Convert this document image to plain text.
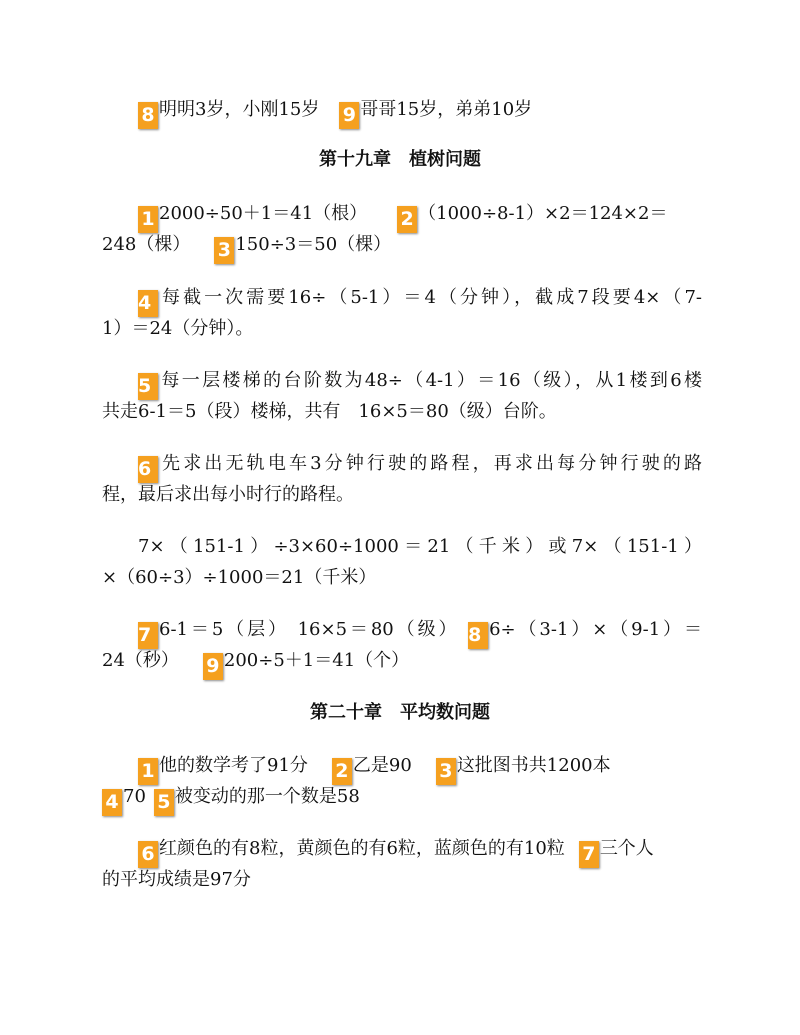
8 明明3岁，小刚15岁 9 哥哥15岁，弟弟10岁
第十九章 植树问题
1 2000÷50＋1＝41（根） 2 （1000÷8-1）×2＝124×2＝
248（棵） 3 150÷3＝50（棵）
4 每截一次需要16÷（5-1）＝4（分钟），截成7段要4×（7-
1）＝24（分钟）。
5 每一层楼梯的台阶数为48÷（4-1）＝16（级），从1楼到6楼
共走6-1＝5（段）楼梯，共有　16×5＝80（级）台阶。
6 先求出无轨电车3分钟行驶的路程，再求出每分钟行驶的路
程，最后求出每小时行的路程。
7×（151-1）÷3×60÷1000＝21（千米）或7×（151-1）
×（60÷3）÷1000＝21（千米）
7 6-1＝5（层） 16×5＝80（级） 8 6÷（3-1）×（9-1）＝
24（秒） 9 200÷5＋1＝41（个）
第二十章 平均数问题
1 他的数学考了91分 2 乙是90 3 这批图书共1200本
4 70 5 被变动的那一个数是58
6 红颜色的有8粒，黄颜色的有6粒，蓝颜色的有10粒 7 三个人
的平均成绩是97分
